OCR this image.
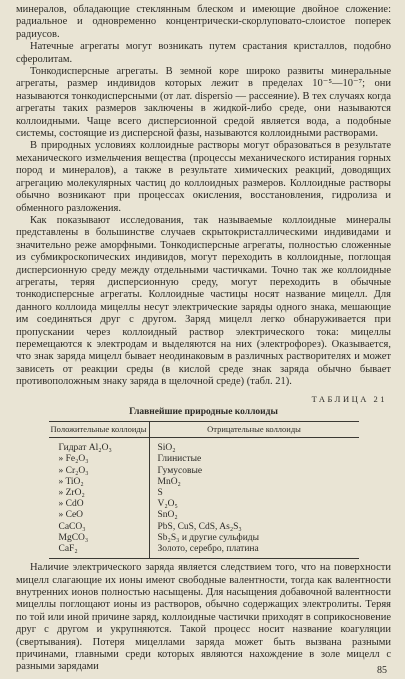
минералов, обладающие стеклянным блеском и имеющие двойное сложение: радиальное и одновременно концентрически-скорлуповато-слоистое поперек радиусов.

Натечные агрегаты могут возникать путем срастания кристаллов, подобно сферолитам.

Тонкодисперсные агрегаты. В земной коре широко развиты минеральные агрегаты, размер индивидов которых лежит в пределах 10⁻⁵—10⁻⁷; они называются тонкодисперсными (от лат. dispersio — рассеяние). В тех случаях когда агрегаты таких размеров заключены в жидкой-либо среде, они называются коллоидными. Чаще всего дисперсионной средой является вода, а подобные системы, состоящие из дисперсной фазы, называются коллоидными растворами.

В природных условиях коллоидные растворы могут образоваться в результате механического измельчения вещества (процессы механического истирания горных пород и минералов), а также в результате химических реакций, доводящих агрегацию молекулярных частиц до коллоидных размеров. Коллоидные растворы обычно возникают при процессах окисления, восстановления, гидролиза и обменного разложения.

Как показывают исследования, так называемые коллоидные минералы представлены в большинстве случаев скрытокристаллическими индивидами и значительно реже аморфными. Тонкодисперсные агрегаты, полностью сложенные из субмикроскопических индивидов, могут переходить в коллоидные, поглощая дисперсионную среду между отдельными частичками. Точно так же коллоидные агрегаты, теряя дисперсионную среду, могут переходить в обычные тонкодисперсные агрегаты. Коллоидные частицы носят название мицелл. Для данного коллоида мицеллы несут электрические заряды одного знака, мешающие им соединяться друг с другом. Заряд мицелл легко обнаруживается при пропускании через коллоидный раствор электрического тока: мицеллы перемещаются к электродам и выделяются на них (электрофорез). Оказывается, что знак заряда мицелл бывает неодинаковым в различных растворителях и может зависеть от реакции среды (в кислой среде знак заряда обычно бывает противоположным знаку заряда в щелочной среде) (табл. 21).

ТАБЛИЦА 21
Главнейшие природные коллоиды
Положительные коллоиды	Отрицательные коллоиды
Гидрат Al₂O₃	SiO₂
» Fe₂O₃	Глинистые
» Cr₂O₃	Гумусовые
» TiO₂	MnO₂
» ZrO₂	S
» CdO	V₂O₅
» CeO	SnO₂
CaCO₃	PbS, CuS, CdS, As₂S₃
MgCO₃	Sb₂S₃ и другие сульфиды
CaF₂	Золото, серебро, платина

Наличие электрического заряда является следствием того, что на поверхности мицелл слагающие их ионы имеют свободные валентности, тогда как валентности внутренних ионов полностью насыщены. Для насыщения добавочной валентности мицеллы поглощают ионы из растворов, обычно содержащих электролиты. Теряя по той или иной причине заряд, коллоидные частички приходят в соприкосновение друг с другом и укрупняются. Такой процесс носит название коагуляции (свертывания). Потеря мицеллами заряда может быть вызвана разными причинами, главными среди которых являются нахождение в золе мицелл с разными зарядами	85
